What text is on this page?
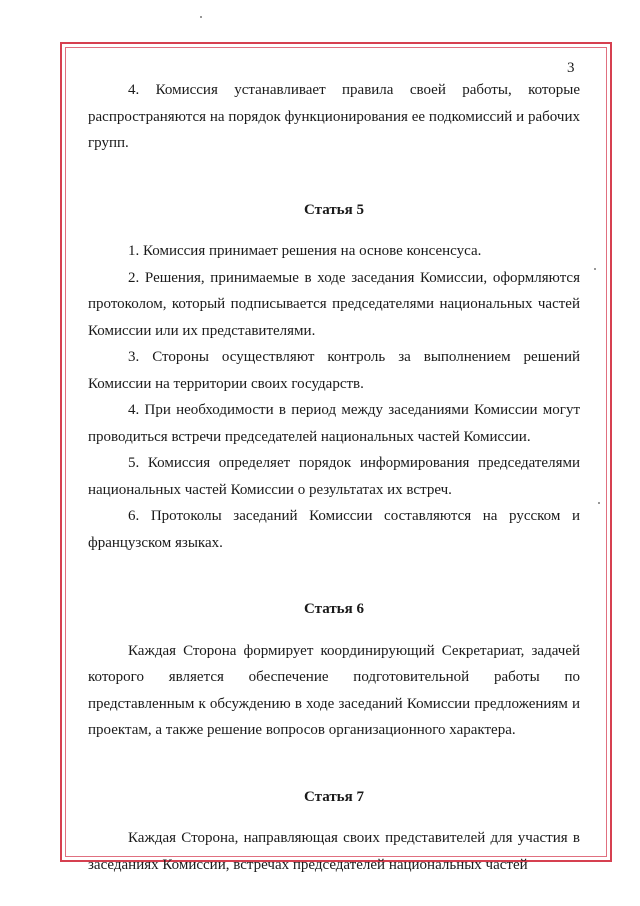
3

4. Комиссия устанавливает правила своей работы, которые распространяются на порядок функционирования ее подкомиссий и рабочих групп.

Статья 5

1. Комиссия принимает решения на основе консенсуса.

2. Решения, принимаемые в ходе заседания Комиссии, оформляются протоколом, который подписывается председателями национальных частей Комиссии или их представителями.

3. Стороны осуществляют контроль за выполнением решений Комиссии на территории своих государств.

4. При необходимости в период между заседаниями Комиссии могут проводиться встречи председателей национальных частей Комиссии.

5. Комиссия определяет порядок информирования председателями национальных частей Комиссии о результатах их встреч.

6. Протоколы заседаний Комиссии составляются на русском и французском языках.

Статья 6

Каждая Сторона формирует координирующий Секретариат, задачей которого является обеспечение подготовительной работы по представленным к обсуждению в ходе заседаний Комиссии предложениям и проектам, а также решение вопросов организационного характера.

Статья 7

Каждая Сторона, направляющая своих представителей для участия в заседаниях Комиссии, встречах председателей национальных частей
